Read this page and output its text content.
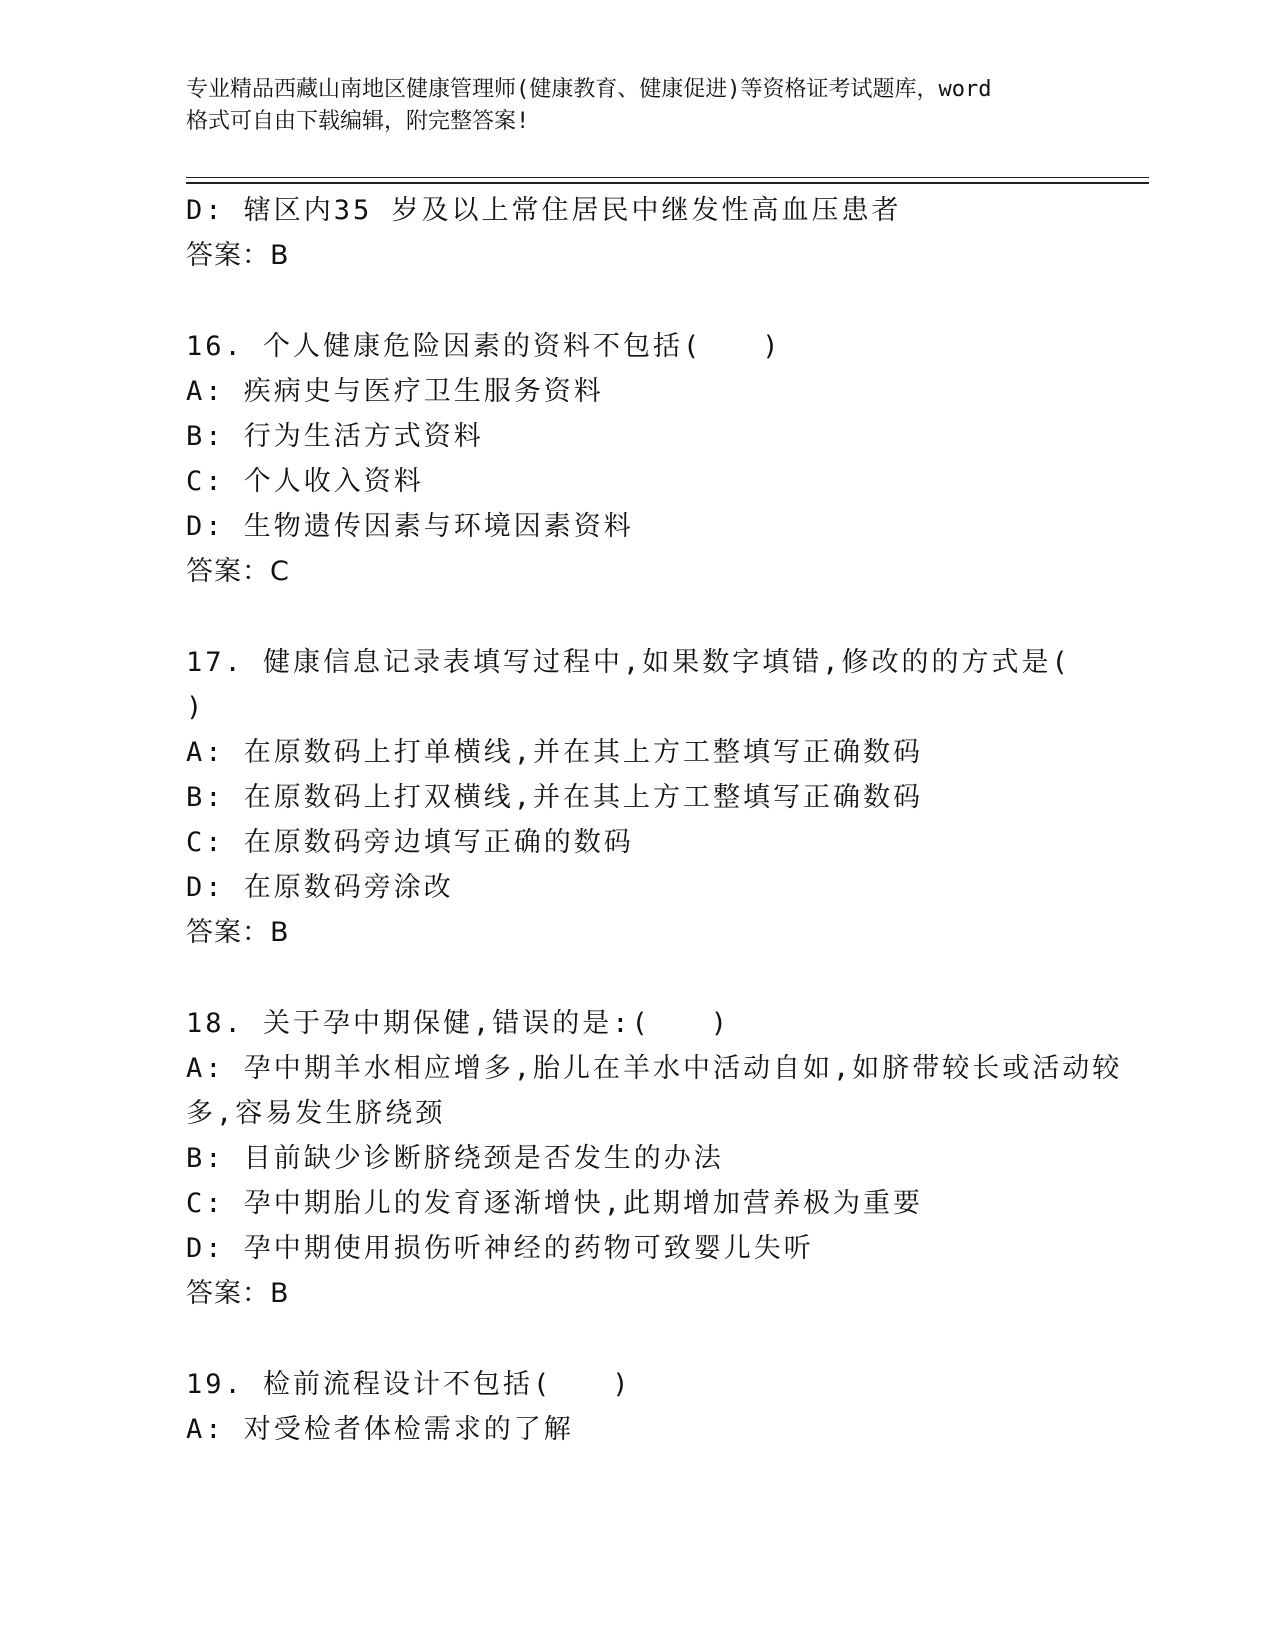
专业精品西藏山南地区健康管理师(健康教育、健康促进)等资格证考试题库，word
格式可自由下载编辑，附完整答案!
D: 辖区内35 岁及以上常住居民中继发性高血压患者
答案：B
16. 个人健康危险因素的资料不包括(　　)
A: 疾病史与医疗卫生服务资料
B: 行为生活方式资料
C: 个人收入资料
D: 生物遗传因素与环境因素资料
答案：C
17. 健康信息记录表填写过程中,如果数字填错,修改的的方式是(
)
A: 在原数码上打单横线,并在其上方工整填写正确数码
B: 在原数码上打双横线,并在其上方工整填写正确数码
C: 在原数码旁边填写正确的数码
D: 在原数码旁涂改
答案：B
18. 关于孕中期保健,错误的是:(　　)
A: 孕中期羊水相应增多,胎儿在羊水中活动自如,如脐带较长或活动较
多,容易发生脐绕颈
B: 目前缺少诊断脐绕颈是否发生的办法
C: 孕中期胎儿的发育逐渐增快,此期增加营养极为重要
D: 孕中期使用损伤听神经的药物可致婴儿失听
答案：B
19. 检前流程设计不包括(　　)
A: 对受检者体检需求的了解
